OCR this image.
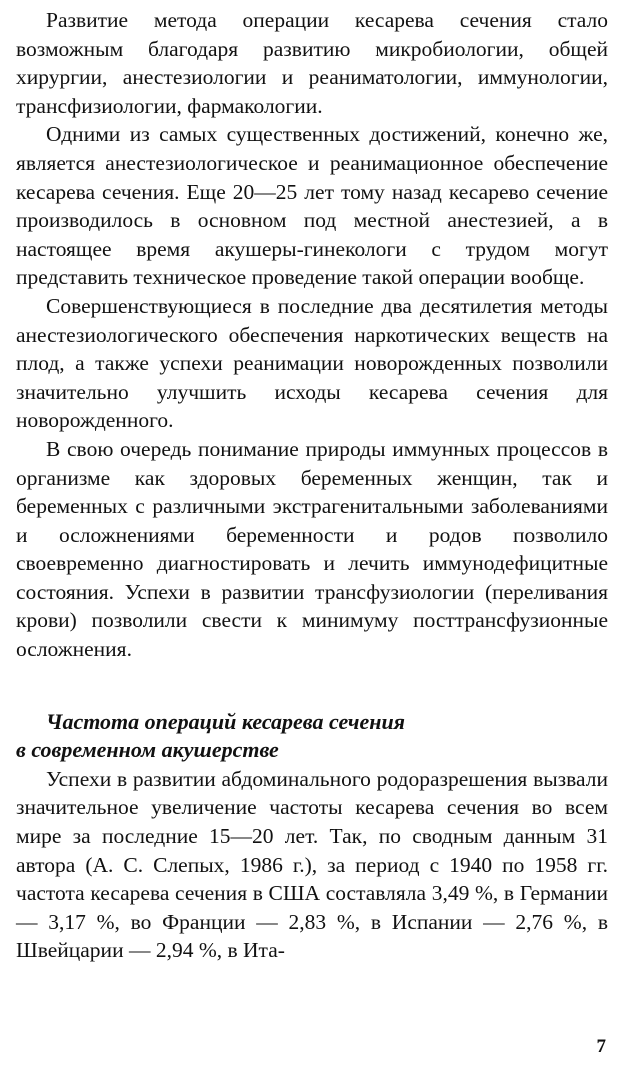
Развитие метода операции кесарева сечения стало возможным благодаря развитию микробиологии, общей хирургии, анестезиологии и реаниматологии, иммунологии, трансфизиологии, фармакологии.

Одними из самых существенных достижений, конечно же, является анестезиологическое и реанимационное обеспечение кесарева сечения. Еще 20—25 лет тому назад кесарево сечение производилось в основном под местной анестезией, а в настоящее время акушеры-гинекологи с трудом могут представить техническое проведение такой операции вообще.

Совершенствующиеся в последние два десятилетия методы анестезиологического обеспечения наркотических веществ на плод, а также успехи реанимации новорожденных позволили значительно улучшить исходы кесарева сечения для новорожденного.

В свою очередь понимание природы иммунных процессов в организме как здоровых беременных женщин, так и беременных с различными экстрагенитальными заболеваниями и осложнениями беременности и родов позволило своевременно диагностировать и лечить иммунодефицитные состояния. Успехи в развитии трансфузиологии (переливания крови) позволили свести к минимуму посттрансфузионные осложнения.

Частота операций кесарева сечения
в современном акушерстве

Успехи в развитии абдоминального родоразрешения вызвали значительное увеличение частоты кесарева сечения во всем мире за последние 15—20 лет. Так, по сводным данным 31 автора (А. С. Слепых, 1986 г.), за период с 1940 по 1958 гг. частота кесарева сечения в США составляла 3,49 %, в Германии — 3,17 %, во Франции — 2,83 %, в Испании — 2,76 %, в Швейцарии — 2,94 %, в Ита-

7
